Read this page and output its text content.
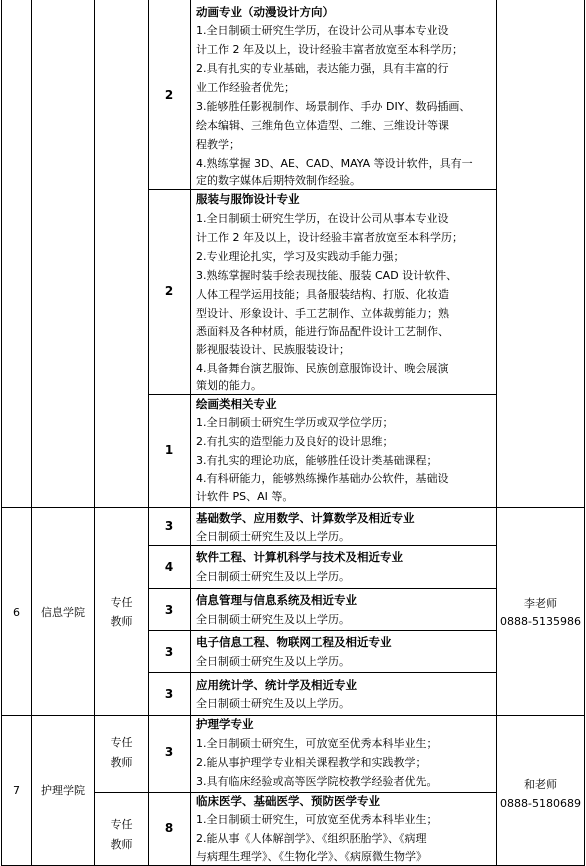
2
动画专业（动漫设计方向）
1.全日制硕士研究生学历，在设计公司从事本专业设
计工作 2 年及以上，设计经验丰富者放宽至本科学历；
2.具有扎实的专业基础，表达能力强，具有丰富的行
业工作经验者优先；
3.能够胜任影视制作、场景制作、手办 DIY、数码插画、
绘本编辑、三维角色立体造型、二维、三维设计等课
程教学；
4.熟练掌握 3D、AE、CAD、MAYA 等设计软件，具有一
定的数字媒体后期特效制作经验。
2
服装与服饰设计专业
1.全日制硕士研究生学历，在设计公司从事本专业设
计工作 2 年及以上，设计经验丰富者放宽至本科学历；
2.专业理论扎实，学习及实践动手能力强；
3.熟练掌握时装手绘表现技能、服装 CAD 设计软件、
人体工程学运用技能；具备服装结构、打版、化妆造
型设计、形象设计、手工艺制作、立体裁剪能力；熟
悉面料及各种材质，能进行饰品配件设计工艺制作、
影视服装设计、民族服装设计；
4.具备舞台演艺服饰、民族创意服饰设计、晚会展演
策划的能力。
1
绘画类相关专业
1.全日制硕士研究生学历或双学位学历；
2.有扎实的造型能力及良好的设计思维；
3.有扎实的理论功底，能够胜任设计类基础课程；
4.有科研能力，能够熟练操作基础办公软件，基础设
计软件 PS、AI 等。
6	信息学院
专任
教师
3
基础数学、应用数学、计算数学及相近专业
全日制硕士研究生及以上学历。
4
软件工程、计算机科学与技术及相近专业
全日制硕士研究生及以上学历。
3
信息管理与信息系统及相近专业
全日制硕士研究生及以上学历。
3
电子信息工程、物联网工程及相近专业
全日制硕士研究生及以上学历。
3
应用统计学、统计学及相近专业
全日制硕士研究生及以上学历。
李老师
0888-5135986
7	护理学院
专任
教师
3
护理学专业
1.全日制硕士研究生，可放宽至优秀本科毕业生；
2.能从事护理学专业相关课程教学和实践教学；
3.具有临床经验或高等医学院校教学经验者优先。
专任
教师
8
临床医学、基础医学、预防医学专业
1.全日制硕士研究生，可放宽至优秀本科毕业生；
2.能从事《人体解剖学》、《组织胚胎学》、《病理
与病理生理学》、《生物化学》、《病原微生物学》
和老师
0888-5180689
